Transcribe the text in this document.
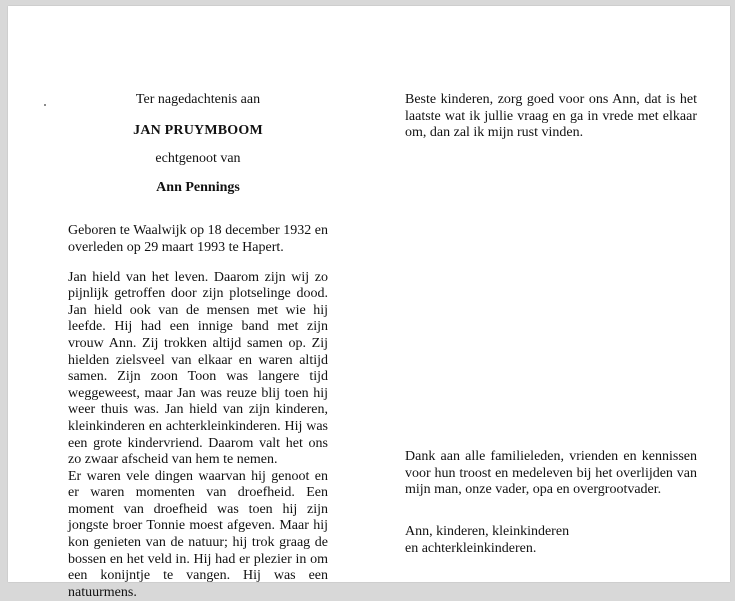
Ter nagedachtenis aan

JAN PRUYMBOOM

echtgenoot van

Ann Pennings

Geboren te Waalwijk op 18 december 1932 en overleden op 29 maart 1993 te Hapert.

Jan hield van het leven. Daarom zijn wij zo pijnlijk getroffen door zijn plotselinge dood. Jan hield ook van de mensen met wie hij leefde. Hij had een innige band met zijn vrouw Ann. Zij trokken altijd samen op. Zij hielden zielsveel van elkaar en waren altijd samen. Zijn zoon Toon was langere tijd weggeweest, maar Jan was reuze blij toen hij weer thuis was. Jan hield van zijn kinderen, kleinkinderen en achterkleinkinderen. Hij was een grote kindervriend. Daarom valt het ons zo zwaar afscheid van hem te nemen.

Er waren vele dingen waarvan hij genoot en er waren momenten van droefheid. Een moment van droefheid was toen hij zijn jongste broer Tonnie moest afgeven. Maar hij kon genieten van de natuur; hij trok graag de bossen en het veld in. Hij had er plezier in om een konijntje te vangen. Hij was een natuurmens.

Beste kinderen, zorg goed voor ons Ann, dat is het laatste wat ik jullie vraag en ga in vrede met elkaar om, dan zal ik mijn rust vinden.

Dank aan alle familieleden, vrienden en kennissen voor hun troost en medeleven bij het overlijden van mijn man, onze vader, opa en overgrootvader.

Ann, kinderen, kleinkinderen
en achterkleinkinderen.
